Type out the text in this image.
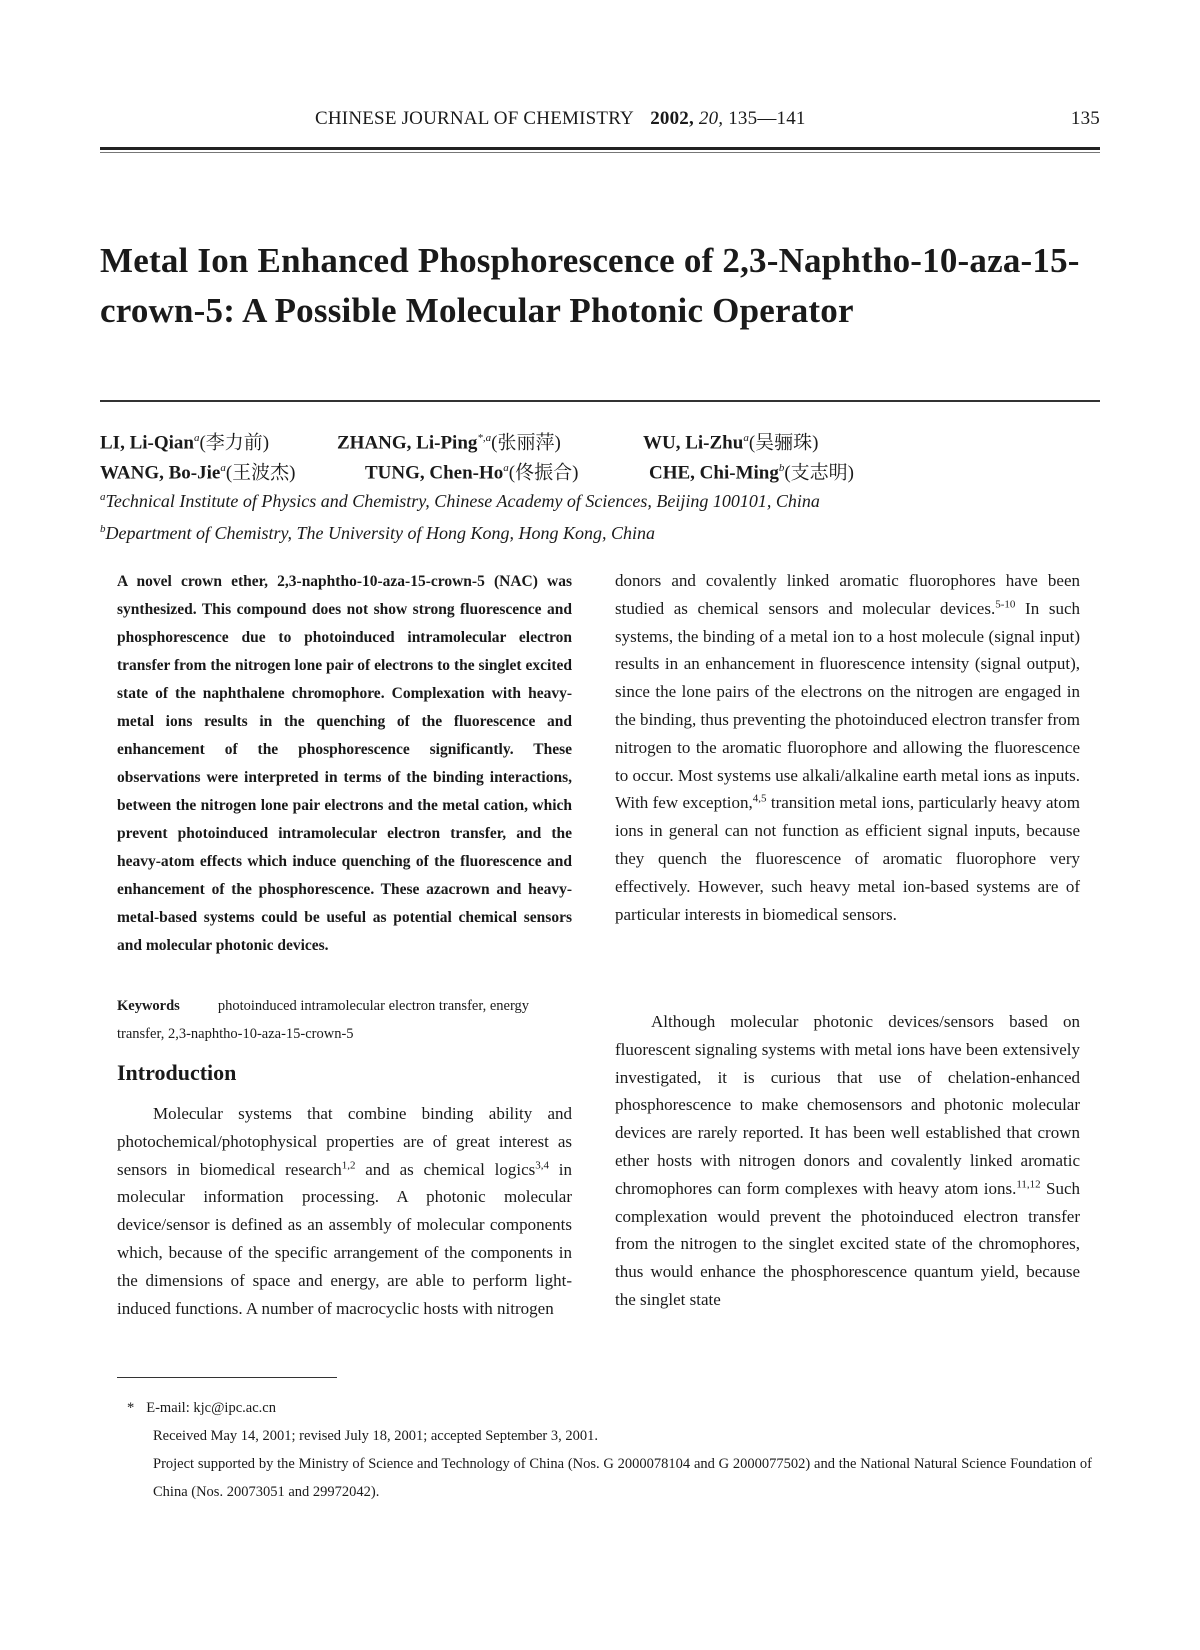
CHINESE JOURNAL OF CHEMISTRY 2002, 20, 135—141	135
Metal Ion Enhanced Phosphorescence of 2,3-Naphtho-10-aza-15-crown-5: A Possible Molecular Photonic Operator
LI, Li-Qian$^a$(李力前)	ZHANG, Li-Ping$^{*,a}$(张丽萍)	WU, Li-Zhu$^a$(吴骊珠)
WANG, Bo-Jie$^a$(王波杰)	TUNG, Chen-Ho$^a$(佟振合)	CHE, Chi-Ming$^b$(支志明)
$^a$Technical Institute of Physics and Chemistry, Chinese Academy of Sciences, Beijing 100101, China
$^b$Department of Chemistry, The University of Hong Kong, Hong Kong, China
A novel crown ether, 2,3-naphtho-10-aza-15-crown-5 (NAC) was synthesized. This compound does not show strong fluorescence and phosphorescence due to photoinduced intramolecular electron transfer from the nitrogen lone pair of electrons to the singlet excited state of the naphthalene chromophore. Complexation with heavy-metal ions results in the quenching of the fluorescence and enhancement of the phosphorescence significantly. These observations were interpreted in terms of the binding interactions, between the nitrogen lone pair electrons and the metal cation, which prevent photoinduced intramolecular electron transfer, and the heavy-atom effects which induce quenching of the fluorescence and enhancement of the phosphorescence. These azacrown and heavy-metal-based systems could be useful as potential chemical sensors and molecular photonic devices.
Keywords	photoinduced intramolecular electron transfer, energy transfer, 2,3-naphtho-10-aza-15-crown-5
Introduction
Molecular systems that combine binding ability and photochemical/photophysical properties are of great interest as sensors in biomedical research$^{1,2}$ and as chemical logics$^{3,4}$ in molecular information processing. A photonic molecular device/sensor is defined as an assembly of molecular components which, because of the specific arrangement of the components in the dimensions of space and energy, are able to perform light-induced functions. A number of macrocyclic hosts with nitrogen
donors and covalently linked aromatic fluorophores have been studied as chemical sensors and molecular devices.$^{5-10}$ In such systems, the binding of a metal ion to a host molecule (signal input) results in an enhancement in fluorescence intensity (signal output), since the lone pairs of the electrons on the nitrogen are engaged in the binding, thus preventing the photoinduced electron transfer from nitrogen to the aromatic fluorophore and allowing the fluorescence to occur. Most systems use alkali/alkaline earth metal ions as inputs. With few exception,$^{4,5}$ transition metal ions, particularly heavy atom ions in general can not function as efficient signal inputs, because they quench the fluorescence of aromatic fluorophore very effectively. However, such heavy metal ion-based systems are of particular interests in biomedical sensors.
Although molecular photonic devices/sensors based on fluorescent signaling systems with metal ions have been extensively investigated, it is curious that use of chelation-enhanced phosphorescence to make chemosensors and photonic molecular devices are rarely reported. It has been well established that crown ether hosts with nitrogen donors and covalently linked aromatic chromophores can form complexes with heavy atom ions.$^{11,12}$ Such complexation would prevent the photoinduced electron transfer from the nitrogen to the singlet excited state of the chromophores, thus would enhance the phosphorescence quantum yield, because the singlet state
* E-mail: kjc@ipc.ac.cn
Received May 14, 2001; revised July 18, 2001; accepted September 3, 2001.
Project supported by the Ministry of Science and Technology of China (Nos. G 2000078104 and G 2000077502) and the National Natural Science Foundation of China (Nos. 20073051 and 29972042).
